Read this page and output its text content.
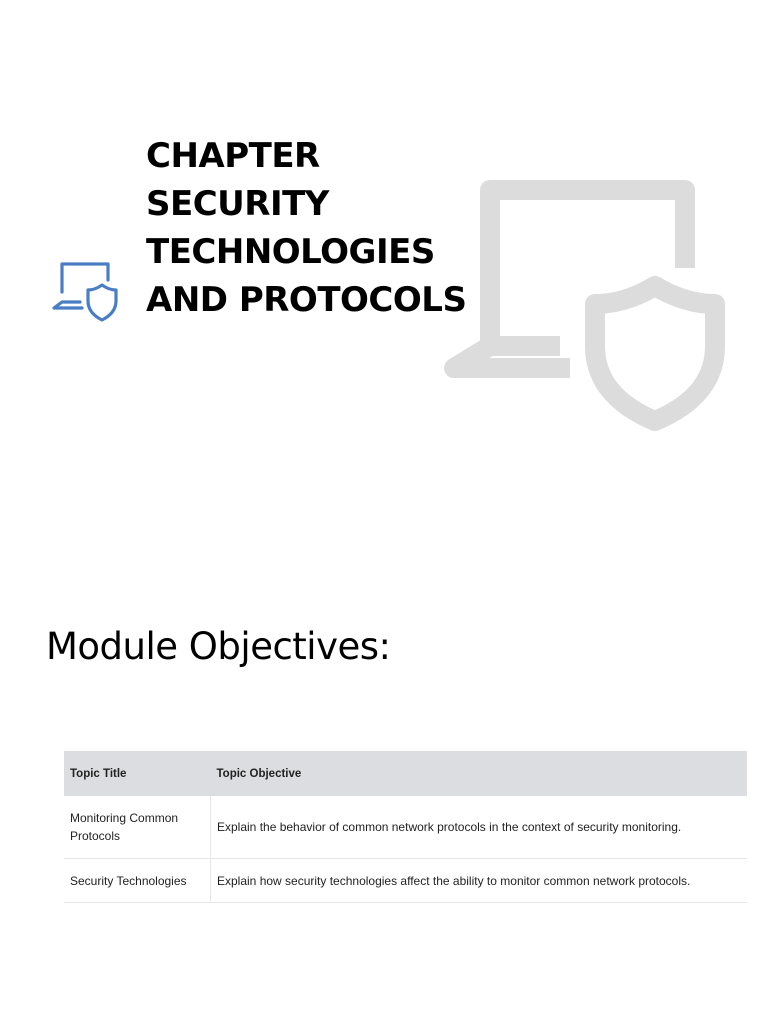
CHAPTER
SECURITY
TECHNOLOGIES
AND PROTOCOLS
Module Objectives:
Topic Title	Topic Objective
Monitoring Common Protocols	Explain the behavior of common network protocols in the context of security monitoring.
Security Technologies	Explain how security technologies affect the ability to monitor common network protocols.
